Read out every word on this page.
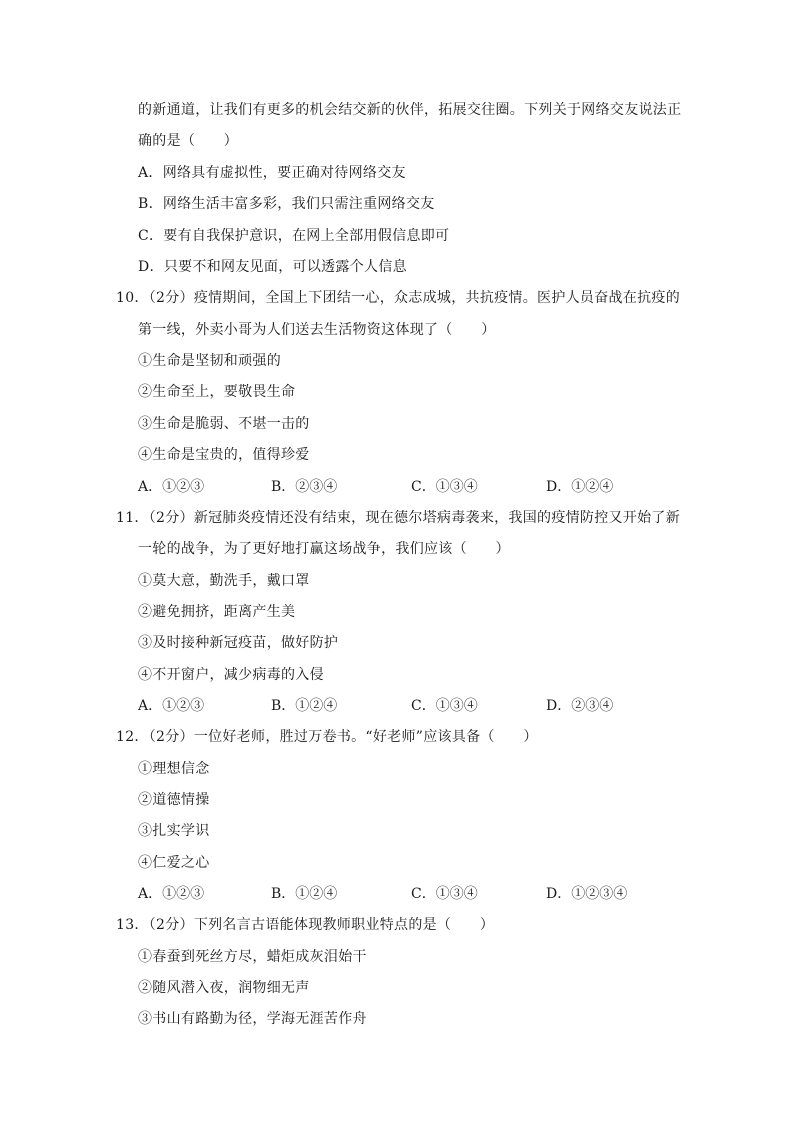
的新通道，让我们有更多的机会结交新的伙伴，拓展交往圈。下列关于网络交友说法正
确的是（　　）
A．网络具有虚拟性，要正确对待网络交友
B．网络生活丰富多彩，我们只需注重网络交友
C．要有自我保护意识，在网上全部用假信息即可
D．只要不和网友见面，可以透露个人信息
10．（2分）疫情期间，全国上下团结一心，众志成城，共抗疫情。医护人员奋战在抗疫的
第一线，外卖小哥为人们送去生活物资这体现了（　　）
①生命是坚韧和顽强的
②生命至上，要敬畏生命
③生命是脆弱、不堪一击的
④生命是宝贵的，值得珍爱
A．①②③	B．②③④	C．①③④	D．①②④
11．（2分）新冠肺炎疫情还没有结束，现在德尔塔病毒袭来，我国的疫情防控又开始了新
一轮的战争，为了更好地打赢这场战争，我们应该（　　）
①莫大意，勤洗手，戴口罩
②避免拥挤，距离产生美
③及时接种新冠疫苗，做好防护
④不开窗户，减少病毒的入侵
A．①②③	B．①②④	C．①③④	D．②③④
12．（2分）一位好老师，胜过万卷书。“好老师”应该具备（　　）
①理想信念
②道德情操
③扎实学识
④仁爱之心
A．①②③	B．①②④	C．①③④	D．①②③④
13．（2分）下列名言古语能体现教师职业特点的是（　　）
①春蚕到死丝方尽，蜡炬成灰泪始干
②随风潜入夜，润物细无声
③书山有路勤为径，学海无涯苦作舟
